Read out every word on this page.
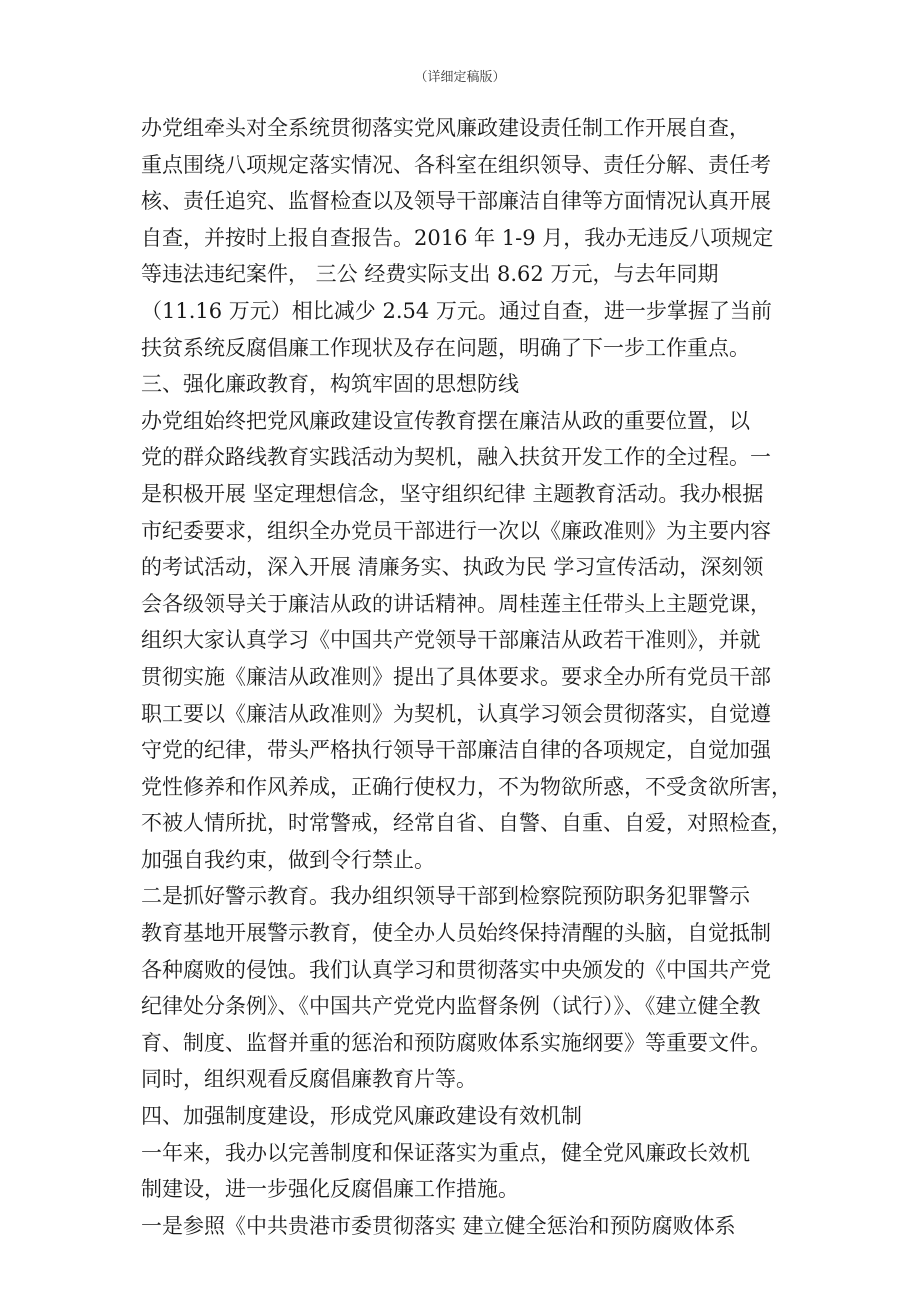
（详细定稿版）
办党组牵头对全系统贯彻落实党风廉政建设责任制工作开展自查，
重点围绕八项规定落实情况、各科室在组织领导、责任分解、责任考
核、责任追究、监督检查以及领导干部廉洁自律等方面情况认真开展
自查，并按时上报自查报告。2016 年 1-9 月，我办无违反八项规定
等违法违纪案件， 三公 经费实际支出 8.62 万元，与去年同期
（11.16 万元）相比减少 2.54 万元。通过自查，进一步掌握了当前
扶贫系统反腐倡廉工作现状及存在问题，明确了下一步工作重点。
三、强化廉政教育，构筑牢固的思想防线
办党组始终把党风廉政建设宣传教育摆在廉洁从政的重要位置，以
党的群众路线教育实践活动为契机，融入扶贫开发工作的全过程。一
是积极开展 坚定理想信念，坚守组织纪律 主题教育活动。我办根据
市纪委要求，组织全办党员干部进行一次以《廉政准则》为主要内容
的考试活动，深入开展 清廉务实、执政为民 学习宣传活动，深刻领
会各级领导关于廉洁从政的讲话精神。周桂莲主任带头上主题党课，
组织大家认真学习《中国共产党领导干部廉洁从政若干准则》，并就
贯彻实施《廉洁从政准则》提出了具体要求。要求全办所有党员干部
职工要以《廉洁从政准则》为契机，认真学习领会贯彻落实，自觉遵
守党的纪律，带头严格执行领导干部廉洁自律的各项规定，自觉加强
党性修养和作风养成，正确行使权力，不为物欲所惑，不受贪欲所害，
不被人情所扰，时常警戒，经常自省、自警、自重、自爱，对照检查，
加强自我约束，做到令行禁止。
二是抓好警示教育。我办组织领导干部到检察院预防职务犯罪警示
教育基地开展警示教育，使全办人员始终保持清醒的头脑，自觉抵制
各种腐败的侵蚀。我们认真学习和贯彻落实中央颁发的《中国共产党
纪律处分条例》、《中国共产党党内监督条例（试行）》、《建立健全教
育、制度、监督并重的惩治和预防腐败体系实施纲要》等重要文件。
同时，组织观看反腐倡廉教育片等。
四、加强制度建设，形成党风廉政建设有效机制
一年来，我办以完善制度和保证落实为重点，健全党风廉政长效机
制建设，进一步强化反腐倡廉工作措施。
一是参照《中共贵港市委贯彻落实 建立健全惩治和预防腐败体系
